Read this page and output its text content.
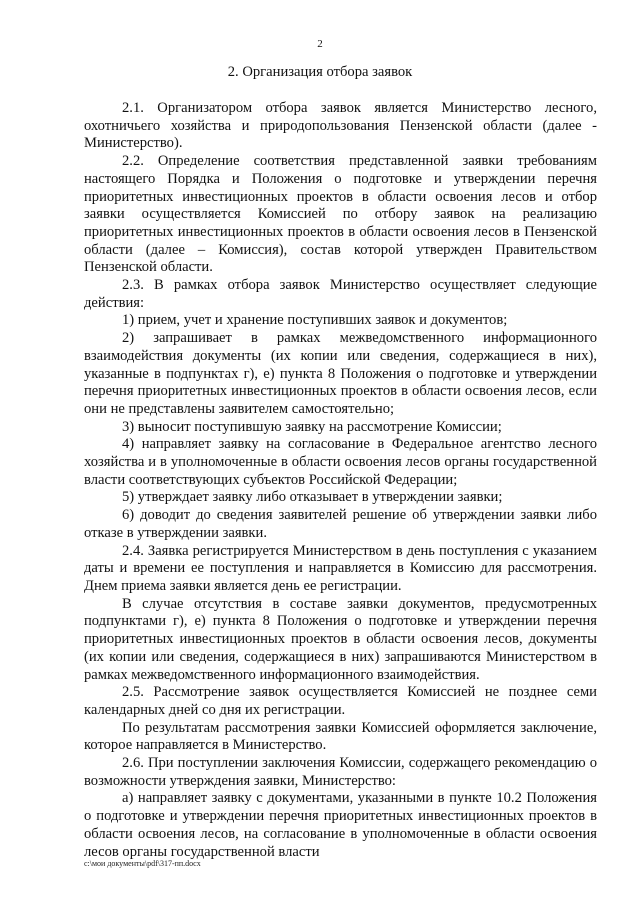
2
2. Организация отбора заявок

2.1. Организатором отбора заявок является Министерство лесного, охотничьего хозяйства и природопользования Пензенской области (далее - Министерство).

2.2. Определение соответствия представленной заявки требованиям настоящего Порядка и Положения о подготовке и утверждении перечня приоритетных инвестиционных проектов в области освоения лесов и отбор заявки осуществляется Комиссией по отбору заявок на реализацию приоритетных инвестиционных проектов в области освоения лесов в Пензенской области (далее – Комиссия), состав которой утвержден Правительством Пензенской области.

2.3. В рамках отбора заявок Министерство осуществляет следующие действия:

1) прием, учет и хранение поступивших заявок и документов;

2) запрашивает в рамках межведомственного информационного взаимодействия документы (их копии или сведения, содержащиеся в них), указанные в подпунктах г), е) пункта 8 Положения о подготовке и утверждении перечня приоритетных инвестиционных проектов в области освоения лесов, если они не представлены заявителем самостоятельно;

3) выносит поступившую заявку на рассмотрение Комиссии;

4) направляет заявку на согласование в Федеральное агентство лесного хозяйства и в уполномоченные в области освоения лесов органы государственной власти соответствующих субъектов Российской Федерации;

5) утверждает заявку либо отказывает в утверждении заявки;

6) доводит до сведения заявителей решение об утверждении заявки либо отказе в утверждении заявки.

2.4. Заявка регистрируется Министерством в день поступления с указанием даты и времени ее поступления и направляется в Комиссию для рассмотрения. Днем приема заявки является день ее регистрации.

В случае отсутствия в составе заявки документов, предусмотренных подпунктами г), е) пункта 8 Положения о подготовке и утверждении перечня приоритетных инвестиционных проектов в области освоения лесов, документы (их копии или сведения, содержащиеся в них) запрашиваются Министерством в рамках межведомственного информационного взаимодействия.

2.5. Рассмотрение заявок осуществляется Комиссией не позднее семи календарных дней со дня их регистрации.

По результатам рассмотрения заявки Комиссией оформляется заключение, которое направляется в Министерство.

2.6. При поступлении заключения Комиссии, содержащего рекомендацию о возможности утверждения заявки, Министерство:

а) направляет заявку с документами, указанными в пункте 10.2 Положения о подготовке и утверждении перечня приоритетных инвестиционных проектов в области освоения лесов, на согласование в уполномоченные в области освоения лесов органы государственной власти

c:\мои документы\pdf\317-пп.docx
